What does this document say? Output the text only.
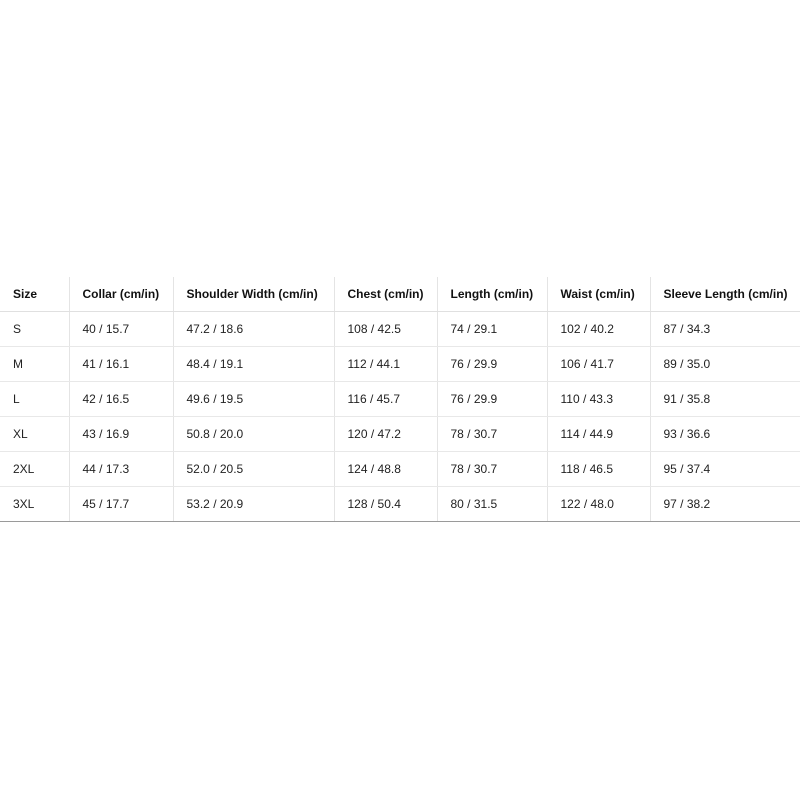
Size	Collar (cm/in)	Shoulder Width (cm/in)	Chest (cm/in)	Length (cm/in)	Waist (cm/in)	Sleeve Length (cm/in)
S	40 / 15.7	47.2 / 18.6	108 / 42.5	74 / 29.1	102 / 40.2	87 / 34.3
M	41 / 16.1	48.4 / 19.1	112 / 44.1	76 / 29.9	106 / 41.7	89 / 35.0
L	42 / 16.5	49.6 / 19.5	116 / 45.7	76 / 29.9	110 / 43.3	91 / 35.8
XL	43 / 16.9	50.8 / 20.0	120 / 47.2	78 / 30.7	114 / 44.9	93 / 36.6
2XL	44 / 17.3	52.0 / 20.5	124 / 48.8	78 / 30.7	118 / 46.5	95 / 37.4
3XL	45 / 17.7	53.2 / 20.9	128 / 50.4	80 / 31.5	122 / 48.0	97 / 38.2
